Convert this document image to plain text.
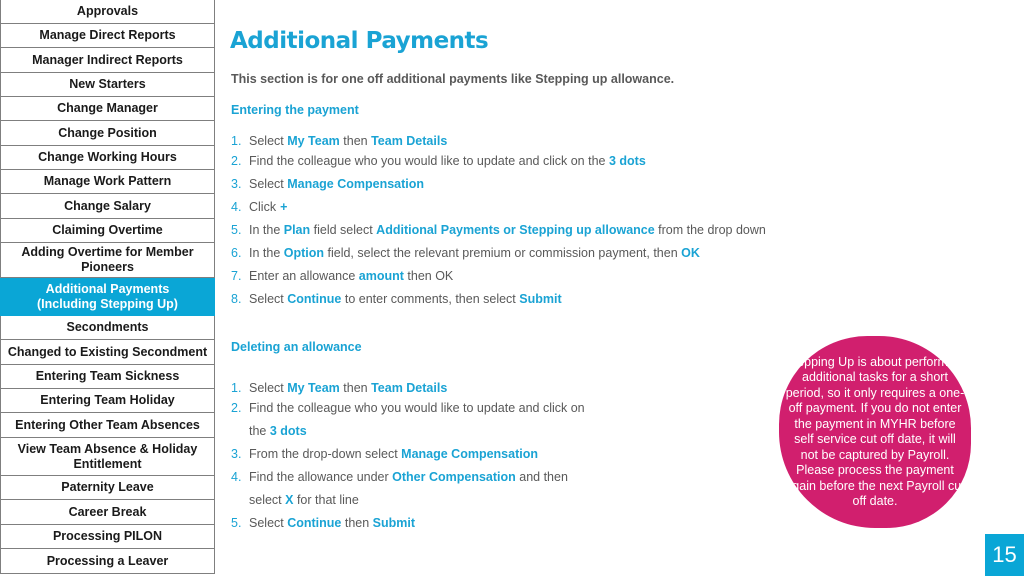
Approvals
Manage Direct Reports
Manager Indirect Reports
New Starters
Change Manager
Change Position
Change Working Hours
Manage Work Pattern
Change Salary
Claiming Overtime
Adding Overtime for Member Pioneers
Additional Payments (Including Stepping Up)
Secondments
Changed to Existing Secondment
Entering Team Sickness
Entering Team Holiday
Entering Other Team Absences
View Team Absence & Holiday Entitlement
Paternity Leave
Career Break
Processing PILON
Processing a Leaver
Additional Payments
This section is for one off additional payments like Stepping up allowance.
Entering the payment
1. Select My Team then Team Details
2. Find the colleague who you would like to update and click on the 3 dots
3. Select Manage Compensation
4. Click +
5. In the Plan field select Additional Payments or Stepping up allowance from the drop down
6. In the Option field, select the relevant premium or commission payment, then OK
7. Enter an allowance amount then OK
8. Select Continue to enter comments, then select Submit
Deleting an allowance
1. Select My Team then Team Details
2. Find the colleague who you would like to update and click on
the 3 dots
3. From the drop-down select Manage Compensation
4. Find the allowance under Other Compensation and then
select X for that line
5. Select Continue then Submit
Stepping Up is about performing additional tasks for a short period, so it only requires a one-off payment. If you do not enter the payment in MYHR before self service cut off date, it will not be captured by Payroll. Please process the payment again before the next Payroll cut off date.
15
